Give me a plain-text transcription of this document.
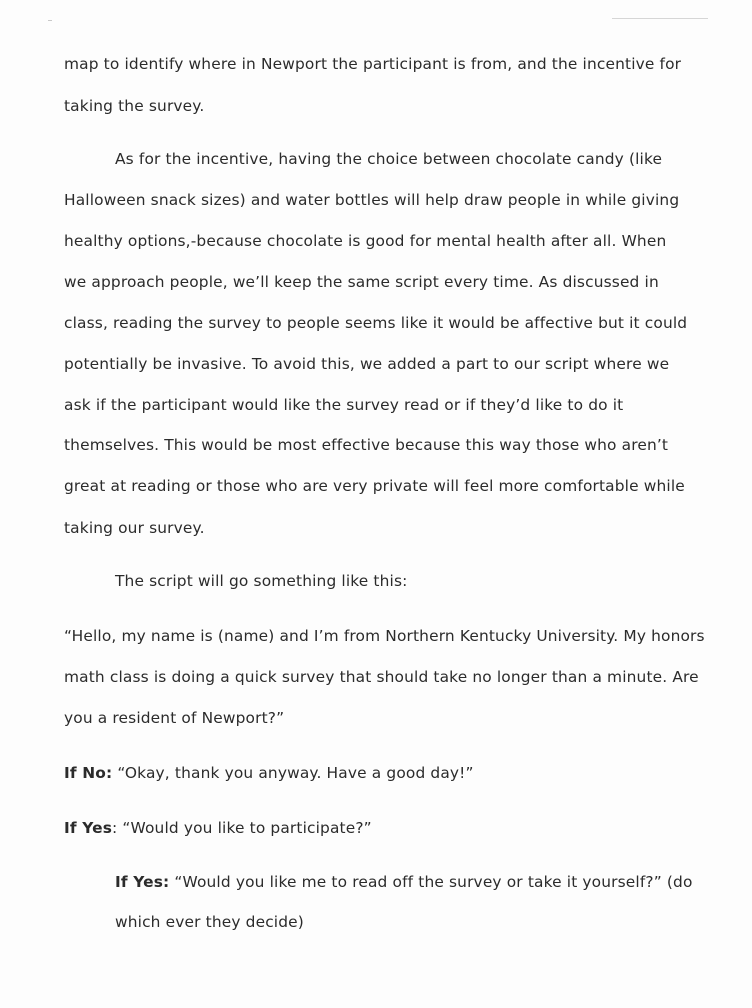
map to identify where in Newport the participant is from, and the incentive for
taking the survey.
As for the incentive, having the choice between chocolate candy (like
Halloween snack sizes) and water bottles will help draw people in while giving
healthy options,-because chocolate is good for mental health after all. When
we approach people, we’ll keep the same script every time. As discussed in
class, reading the survey to people seems like it would be affective but it could
potentially be invasive. To avoid this, we added a part to our script where we
ask if the participant would like the survey read or if they’d like to do it
themselves. This would be most effective because this way those who aren’t
great at reading or those who are very private will feel more comfortable while
taking our survey.
The script will go something like this:
“Hello, my name is (name) and I’m from Northern Kentucky University. My honors
math class is doing a quick survey that should take no longer than a minute. Are
you a resident of Newport?”
If No: “Okay, thank you anyway. Have a good day!”
If Yes: “Would you like to participate?”
If Yes: “Would you like me to read off the survey or take it yourself?” (do
which ever they decide)
